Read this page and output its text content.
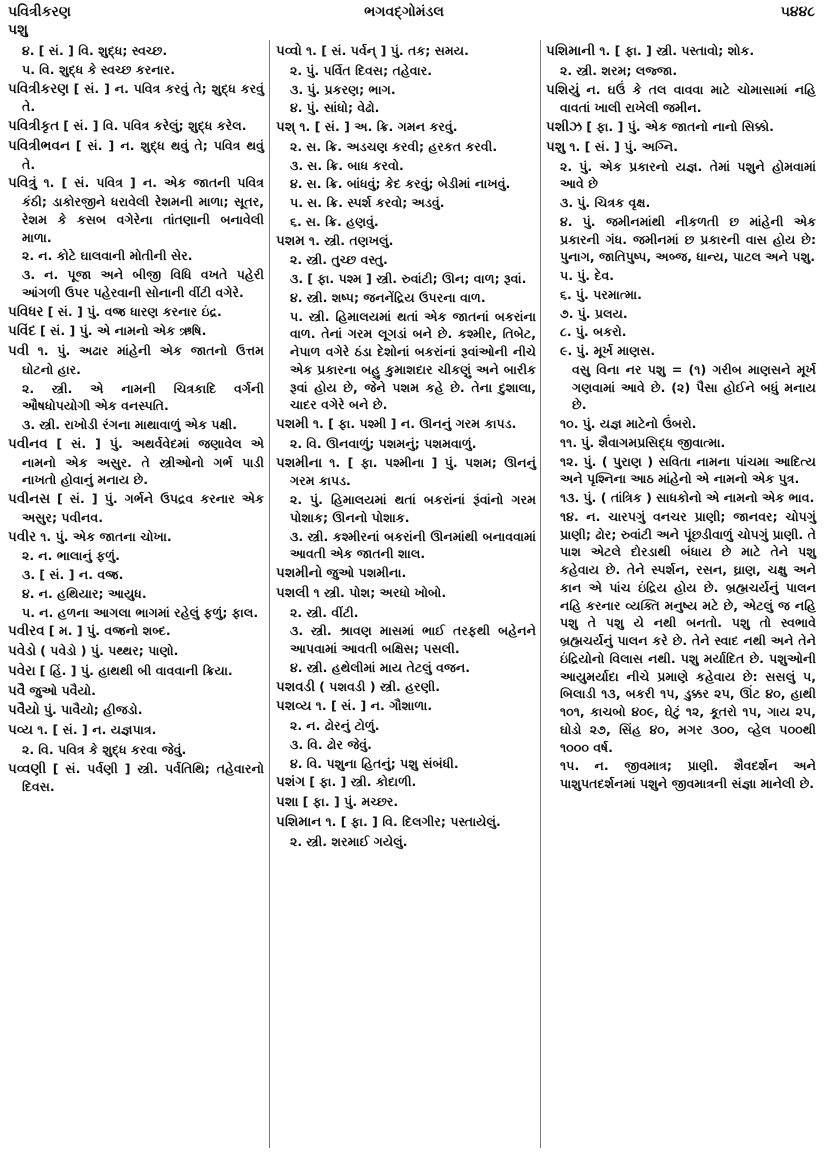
પવિત્રીકરણ
પશુ
ભગવદ્ગોમંડલ	૫૪૪૮
૪. [ સં. ] વિ. શુદ્ધ; સ્વચ્છ.
૫. વિ. શુદ્ધ કે સ્વચ્છ કરનાર.
પવિત્રીકરણ [ સં. ] ન. પવિત્ર કરવું તે; શુદ્ધ કરવું તે.
પવિત્રીકૃત [ સં. ] વિ. પવિત્ર કરેલું; શુદ્ધ કરેલ.
પવિત્રીભવન [ સં. ] ન. શુદ્ધ થવું તે; પવિત્ર થવું તે.
પવિત્રું ૧. [ સં. પવિત્ર ] ન. એક જાતની પવિત્ર કંઠી; ડાકોરજીને ધરાવેલી રેશમની માળા; સૂતર, રેશમ કે કસબ વગેરેના તાંતણાની બનાવેલી માળા.
૨. ન. કોટે ઘાલવાની મોતીની સેર.
૩. ન. પૂજા અને બીજી વિધિ વખતે પહેરી આંગળી ઉપર પહેરવાની સોનાની વીંટી વગેરે.
પવિધર [ સં. ] પું. વજ્ર ધારણ કરનાર ઇંદ્ર.
પવિંદ [ સં. ] પું. એ નામનો એક ઋષિ.
પવી ૧. પું. અઢાર માંહેની એક જાતનો ઉત્તમ ઘોટનો હાર.
૨. સ્ત્રી. એ નામની ચિત્રકાદિ વર્ગની ઔષધોપયોગી એક વનસ્પતિ.
૩. સ્ત્રી. રાખોડી રંગના માથાવાળું એક પક્ષી.
પવીનવ [ સં. ] પું. અથર્વવેદમાં જણાવેલ એ નામનો એક અસુર. તે સ્ત્રીઓનો ગર્ભ પાડી નાખતો હોવાનું મનાય છે.
પવીનસ [ સં. ] પું. ગર્ભને ઉપદ્રવ કરનાર એક અસુર; પવીનવ.
પવીર ૧. પું. એક જાતના ચોખા.
૨. ન. ભાલાનું ફળું.
૩. [ સં. ] ન. વજ્ર.
૪. ન. હથિયાર; આયુધ.
૫. ન. હળના આગલા ભાગમાં રહેલું ફળું; ફાલ.
પવીરવ [ મ. ] પું. વજ્રનો શબ્દ.
પવેડો ( પવેડો ) પું. પથ્થર; પાણો.
પવેરા [ હિં. ] પું. હાથથી બી વાવવાની ક્રિયા.
પવૈ જુઓ પવૈયો.
પવૈયો પું. પાવૈયો; હીજડો.
પવ્ય ૧. [ સં. ] ન. યજ્ઞપાત્ર.
૨. વિ. પવિત્ર કે શુદ્ધ કરવા જેવું.
પવ્વણી [ સં. પર્વણી ] સ્ત્રી. પર્વતિથિ; તહેવારનો દિવસ.
પવ્વો ૧. [ સં. પર્વન્ ] પું. તક; સમય.
૨. પું. પર્વિત દિવસ; તહેવાર.
૩. પું. પ્રકરણ; ભાગ.
૪. પું. સાંધો; વેઢો.
પશ્ ૧. [ સં. ] અ. ક્રિ. ગમન કરવું.
૨. સ. ક્રિ. અડચણ કરવી; હરકત કરવી.
૩. સ. ક્રિ. બાધ કરવો.
૪. સ. ક્રિ. બાંધવું; કેદ કરવું; બેડીમાં નાખવું.
૫. સ. ક્રિ. સ્પર્શ કરવો; અડવું.
૬. સ. ક્રિ. હણવું.
પશમ ૧. સ્ત્રી. તણખલું.
૨. સ્ત્રી. તુચ્છ વસ્તુ.
૩. [ ફા. પશ્મ ] સ્ત્રી. રુવાંટી; ઊન; વાળ; રૂવાં.
૪. સ્ત્રી. શષ્પ; જનનેંદ્રિય ઉપરના વાળ.
૫. સ્ત્રી. હિમાલયમાં થતાં એક જાતનાં બકરાંના વાળ. તેનાં ગરમ લૂગડાં બને છે. કશ્મીર, તિબેટ, નેપાળ વગેરે ઠંડા દેશોનાં બકરાંનાં રૂવાંઓની નીચે એક પ્રકારના બહુ કુમાશદાર ચીકણું અને બારીક રૂવાં હોય છે, જેને પશમ કહે છે. તેના દુશાલા, ચાદર વગેરે બને છે.
પશમી ૧. [ ફા. પશ્મી ] ન. ઊનનું ગરમ કાપડ.
૨. વિ. ઊનવાળું; પશમનું; પશમવાળું.
પશમીના ૧. [ ફા. પશ્મીના ] પું. પશમ; ઊનનું ગરમ કાપડ.
૨. પું. હિમાલયમાં થતાં બકરાંનાં રૂંવાંનો ગરમ પોશાક; ઊનનો પોશાક.
૩. સ્ત્રી. કશ્મીરનાં બકરાંની ઊનમાંથી બનાવવામાં આવતી એક જાતની શાલ.
પશમીનો જુઓ પશમીના.
પશલી ૧ સ્ત્રી. પોશ; અરધો ખોબો.
૨. સ્ત્રી. વીંટી.
૩. સ્ત્રી. શ્રાવણ માસમાં ભાઈ તરફથી બહેનને આપવામાં આવતી બક્ષિસ; પસલી.
૪. સ્ત્રી. હથેલીમાં માય તેટલું વજન.
પશવડી ( પશવડી ) સ્ત્રી. હરણી.
પશવ્ય ૧. [ સં. ] ન. ગૌશાળા.
૨. ન. ઢોરનું ટોળું.
૩. વિ. ઢોર જેવું.
૪. વિ. પશુના હિતનું; પશુ સંબંધી.
પશંગ [ ફા. ] સ્ત્રી. કોદાળી.
પશા [ ફા. ] પું. મચ્છર.
પશિમાન ૧. [ ફા. ] વિ. દિલગીર; પસ્તાયેલું.
૨. સ્ત્રી. શરમાઈ ગયેલું.
પશિમાની ૧. [ ફા. ] સ્ત્રી. પસ્તાવો; શોક.
૨. સ્ત્રી. શરમ; લજ્જા.
પશિયું ન. ઘઉં કે તલ વાવવા માટે ચોમાસામાં નહિ વાવતાં ખાલી રાખેલી જમીન.
પશીઝ [ ફા. ] પું. એક જાતનો નાનો સિક્કો.
પશુ ૧. [ સં. ] પું. અગ્નિ.
૨. પું. એક પ્રકારનો યજ્ઞ. તેમાં પશુને હોમવામાં આવે છે
૩. પું. ચિત્રક વૃક્ષ.
૪. પું. જમીનમાંથી નીકળતી છ માંહેની એક પ્રકારની ગંધ. જમીનમાં છ પ્રકારની વાસ હોય છે: પુનાગ, જાતિપુષ્પ, અબ્જ, ધાન્ય, પાટલ અને પશુ.
૫. પું. દેવ.
૬. પું. પરમાત્મા.
૭. પું. પ્રલય.
૮. પું. બકરો.
૯. પું. મૂર્ખ માણસ.
વસુ વિના નર પશુ = (૧) ગરીબ માણસને મૂર્ખ ગણવામાં આવે છે. (૨) પૈસા હોઈને બધું મનાય છે.
૧૦. પું. યજ્ઞ માટેનો ઉંબરો.
૧૧. પું. શૈવાગમપ્રસિદ્ધ જીવાત્મા.
૧૨. પું. ( પુરાણ ) સવિતા નામના પાંચમા આદિત્ય અને પૃશ્નિના આઠ માંહેનો એ નામનો એક પુત્ર.
૧૩. પું. ( તાંત્રિક ) સાધકોનો એ નામનો એક ભાવ.
૧૪. ન. ચારપગું વનચર પ્રાણી; જાનવર; ચોપગું પ્રાણી; ઢોર; રુવાંટી અને પૂંછડીવાળું ચોપગું પ્રાણી. તે પાશ એટલે દોરડાથી બંધાય છે માટે તેને પશુ કહેવાય છે. તેને સ્પર્શન, રસન, ઘ્રાણ, ચક્ષુ અને કાન એ પાંચ ઇંદ્રિય હોય છે. બ્રહ્મચર્યનું પાલન નહિ કરનાર વ્યક્તિ મનુષ્ય મટે છે, એટલું જ નહિ પશુ તે પશુ યે નથી બનતો. પશુ તો સ્વભાવે બ્રહ્મચર્યનું પાલન કરે છે. તેને સ્વાદ નથી અને તેને ઇંદ્રિયોનો વિલાસ નથી. પશુ મર્યાદિત છે. પશુઓની આયુમર્યાદા નીચે પ્રમાણે કહેવાય છે: સસલું ૫, બિલાડી ૧૩, બકરી ૧૫, ડુક્કર ૨૫, ઊંટ ૪૦, હાથી ૧૦૧, કાચબો ૪૦૯, ઘેટું ૧૨, કૂતરો ૧૫, ગાય ૨૫, ઘોડો ૨૭, સિંહ ૪૦, મગર ૩૦૦, વ્હેલ ૫૦૦થી ૧૦૦૦ વર્ષ.
૧૫. ન. જીવમાત્ર; પ્રાણી. શૈવદર્શન અને પાશુપતદર્શનમાં પશુને જીવમાત્રની સંજ્ઞા માનેલી છે.
